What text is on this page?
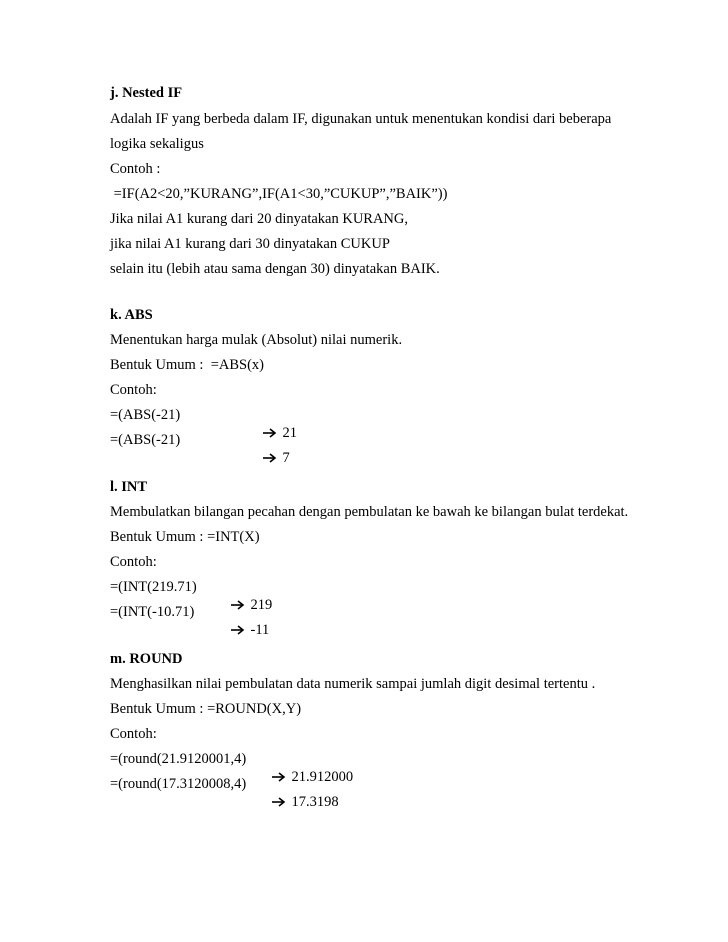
j. Nested IF
Adalah IF yang berbeda dalam IF, digunakan untuk menentukan kondisi dari beberapa
logika sekaligus
Contoh :
=IF(A2<20,”KURANG”,IF(A1<30,”CUKUP”,”BAIK”))
Jika nilai A1 kurang dari 20 dinyatakan KURANG,
jika nilai A1 kurang dari 30 dinyatakan CUKUP
selain itu (lebih atau sama dengan 30) dinyatakan BAIK.
k. ABS
Menentukan harga mulak (Absolut) nilai numerik.
Bentuk Umum :  =ABS(x)
Contoh:
=(ABS(-21)

21

=(ABS(-21)

7

l. INT
Membulatkan bilangan pecahan dengan pembulatan ke bawah ke bilangan bulat terdekat.
Bentuk Umum : =INT(X)
Contoh:
=(INT(219.71)

219

=(INT(-10.71)

-11

m. ROUND
Menghasilkan nilai pembulatan data numerik sampai jumlah digit desimal tertentu .
Bentuk Umum : =ROUND(X,Y)
Contoh:
=(round(21.9120001,4)

21.912000

=(round(17.3120008,4)

17.3198
